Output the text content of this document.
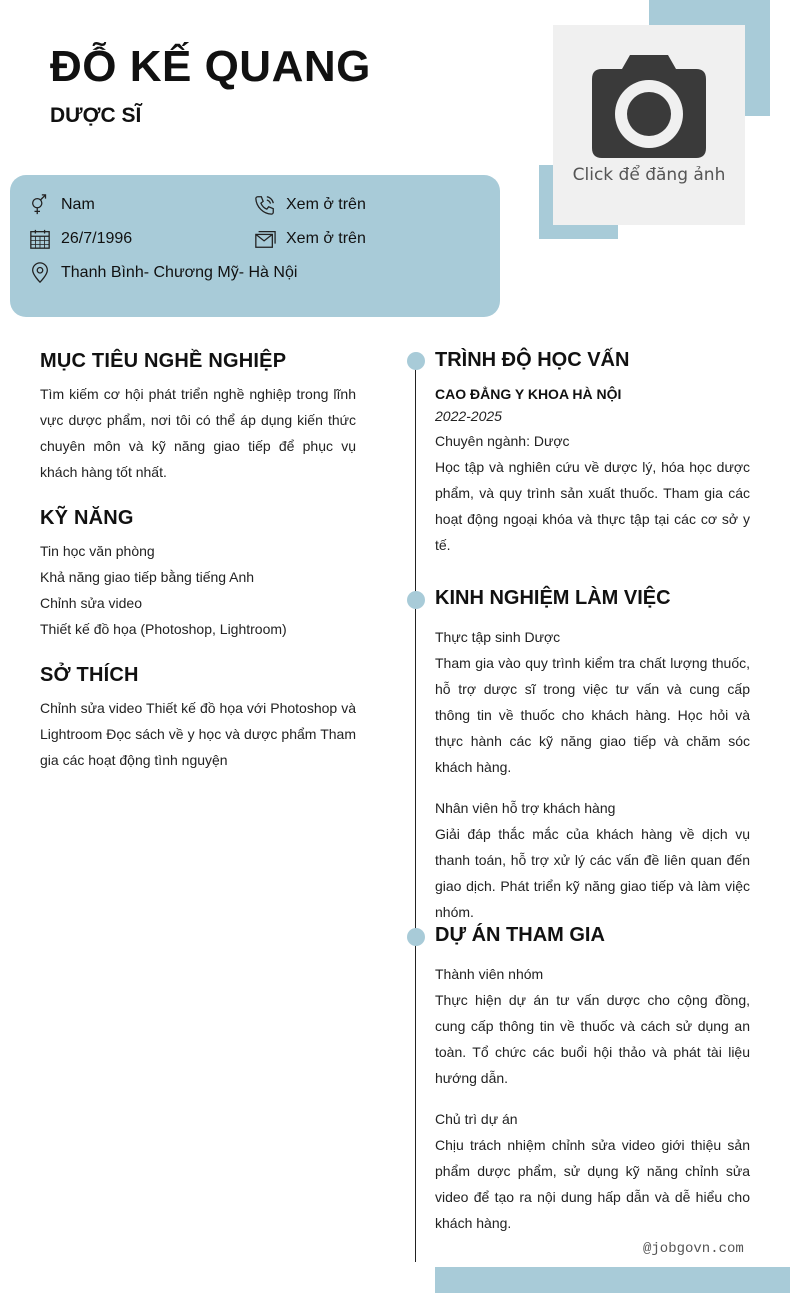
ĐỖ KẾ QUANG
DƯỢC SĨ
Click để đăng ảnh
Nam	Xem ở trên
26/7/1996	Xem ở trên
Thanh Bình- Chương Mỹ- Hà Nội
MỤC TIÊU NGHỀ NGHIỆP
Tìm kiếm cơ hội phát triển nghề nghiệp trong lĩnh vực dược phẩm, nơi tôi có thể áp dụng kiến thức chuyên môn và kỹ năng giao tiếp để phục vụ khách hàng tốt nhất.
KỸ NĂNG
Tin học văn phòng
Khả năng giao tiếp bằng tiếng Anh
Chỉnh sửa video
Thiết kế đồ họa (Photoshop, Lightroom)
SỞ THÍCH
Chỉnh sửa video Thiết kế đồ họa với Photoshop và Lightroom Đọc sách về y học và dược phẩm Tham gia các hoạt động tình nguyện
TRÌNH ĐỘ HỌC VẤN
CAO ĐẲNG Y KHOA HÀ NỘI
2022-2025
Chuyên ngành: Dược
Học tập và nghiên cứu về dược lý, hóa học dược phẩm, và quy trình sản xuất thuốc. Tham gia các hoạt động ngoại khóa và thực tập tại các cơ sở y tế.
KINH NGHIỆM LÀM VIỆC
Thực tập sinh Dược
Tham gia vào quy trình kiểm tra chất lượng thuốc, hỗ trợ dược sĩ trong việc tư vấn và cung cấp thông tin về thuốc cho khách hàng. Học hỏi và thực hành các kỹ năng giao tiếp và chăm sóc khách hàng.
Nhân viên hỗ trợ khách hàng
Giải đáp thắc mắc của khách hàng về dịch vụ thanh toán, hỗ trợ xử lý các vấn đề liên quan đến giao dịch. Phát triển kỹ năng giao tiếp và làm việc nhóm.
DỰ ÁN THAM GIA
Thành viên nhóm
Thực hiện dự án tư vấn dược cho cộng đồng, cung cấp thông tin về thuốc và cách sử dụng an toàn. Tổ chức các buổi hội thảo và phát tài liệu hướng dẫn.
Chủ trì dự án
Chịu trách nhiệm chỉnh sửa video giới thiệu sản phẩm dược phẩm, sử dụng kỹ năng chỉnh sửa video để tạo ra nội dung hấp dẫn và dễ hiểu cho khách hàng.
@jobgovn.com
